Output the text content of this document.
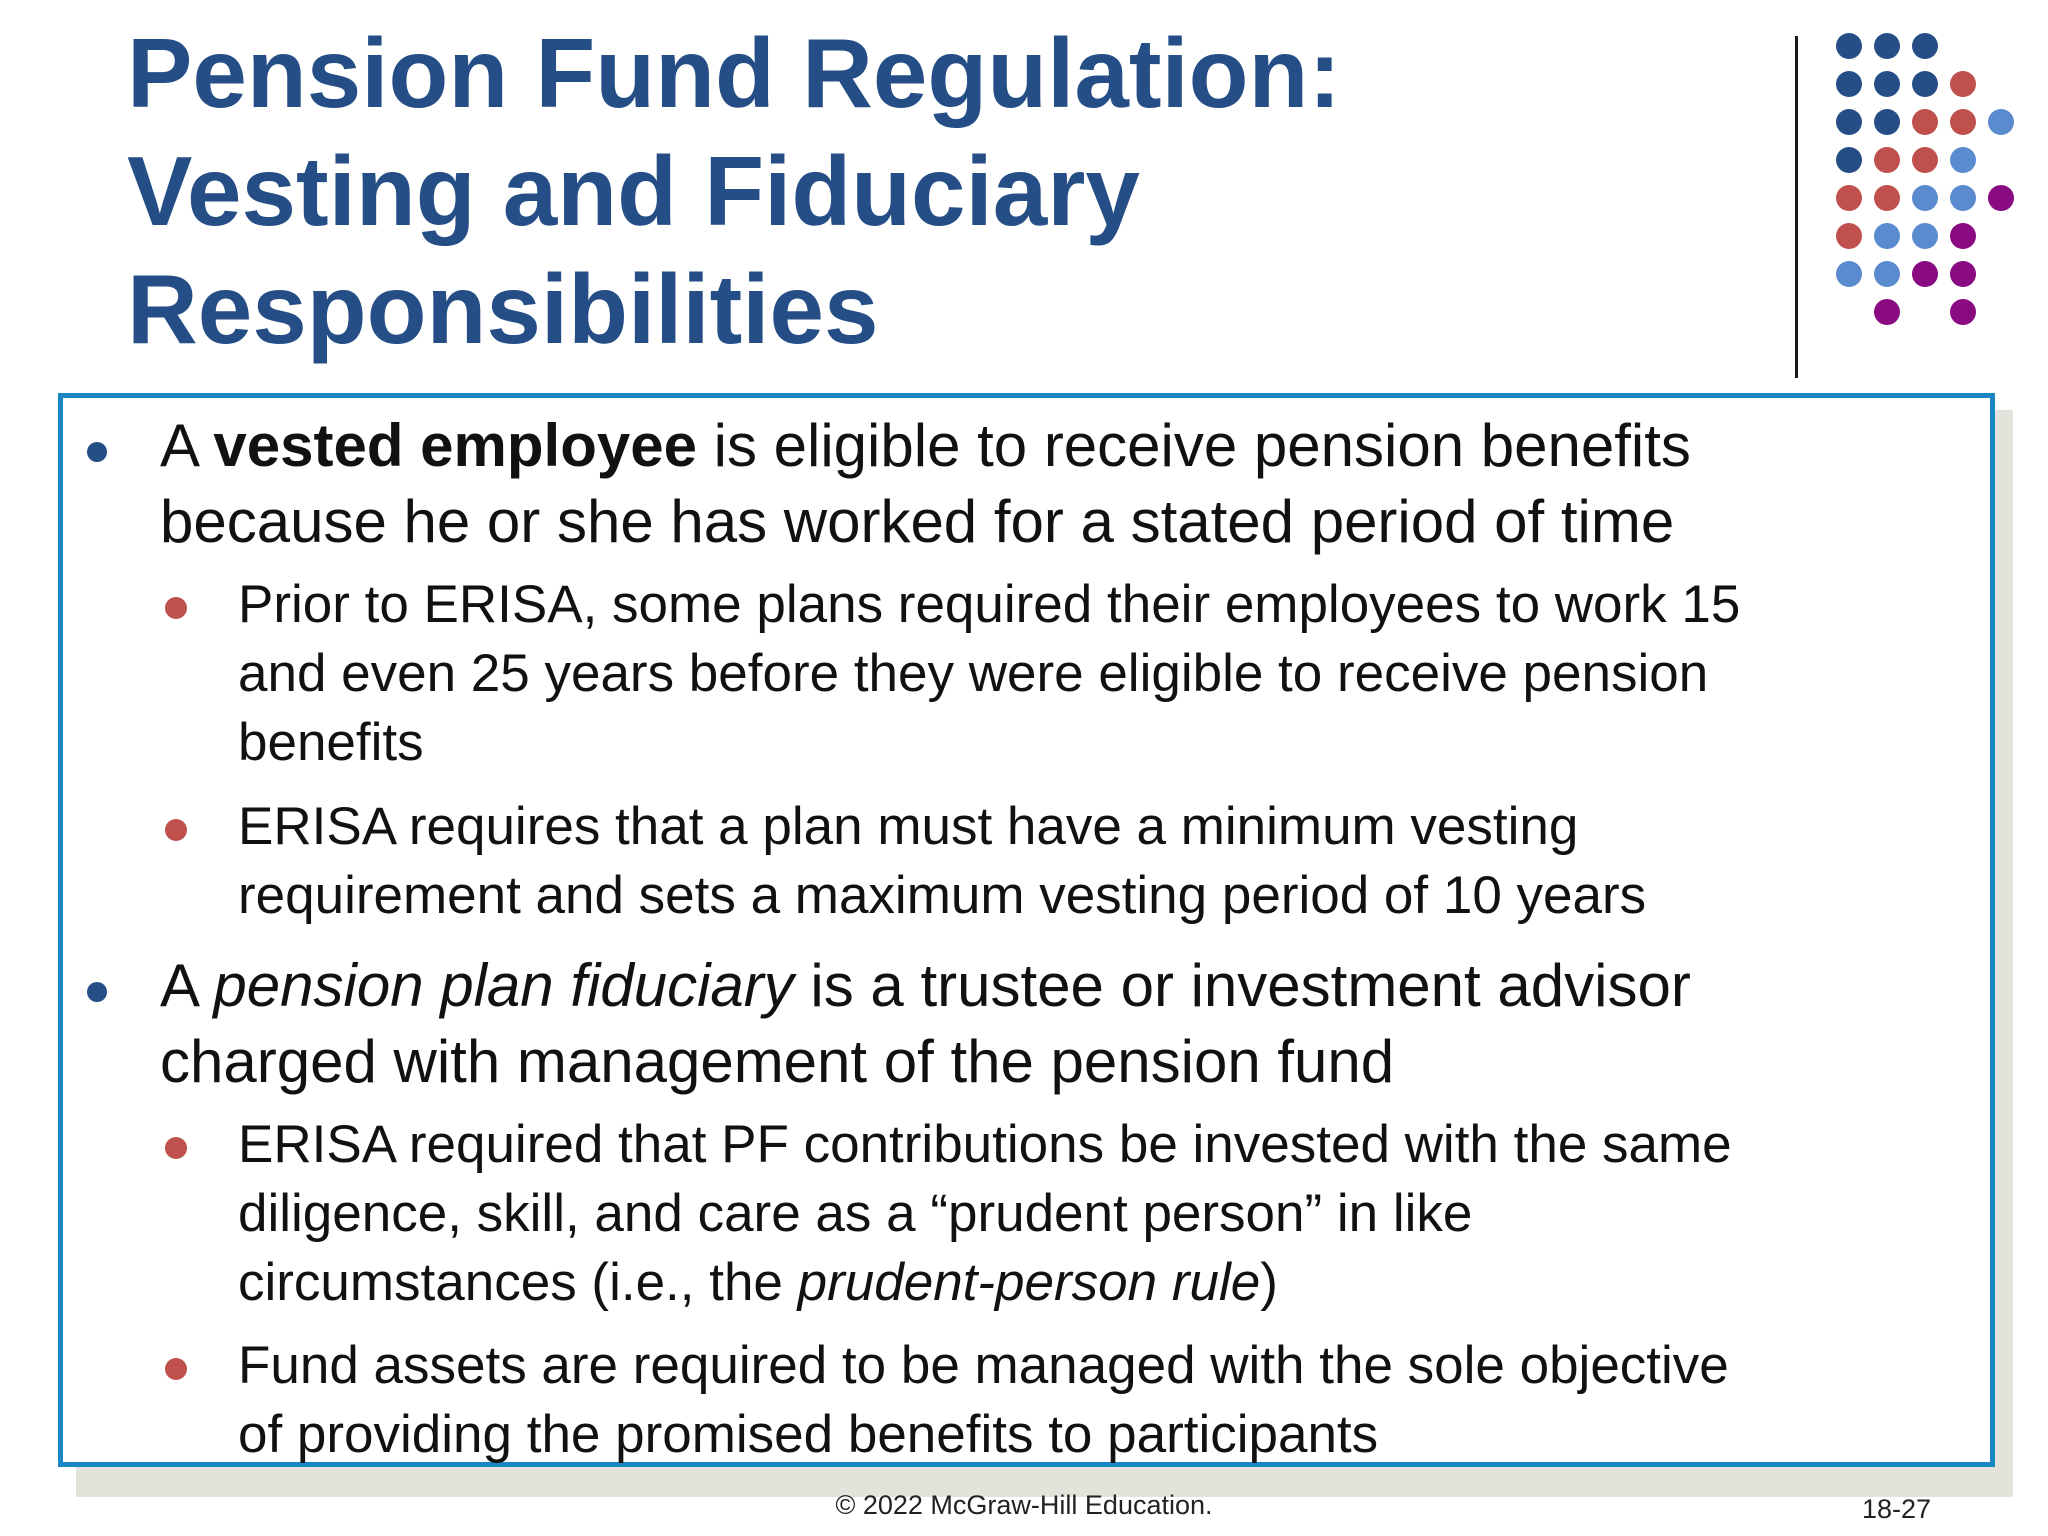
Pension Fund Regulation:
Vesting and Fiduciary
Responsibilities
A vested employee is eligible to receive pension benefits
because he or she has worked for a stated period of time
Prior to ERISA, some plans required their employees to work 15
and even 25 years before they were eligible to receive pension
benefits
ERISA requires that a plan must have a minimum vesting
requirement and sets a maximum vesting period of 10 years
A pension plan fiduciary is a trustee or investment advisor
charged with management of the pension fund
ERISA required that PF contributions be invested with the same
diligence, skill, and care as a “prudent person” in like
circumstances (i.e., the prudent-person rule)
Fund assets are required to be managed with the sole objective
of providing the promised benefits to participants
© 2022 McGraw-Hill Education.	18-27
